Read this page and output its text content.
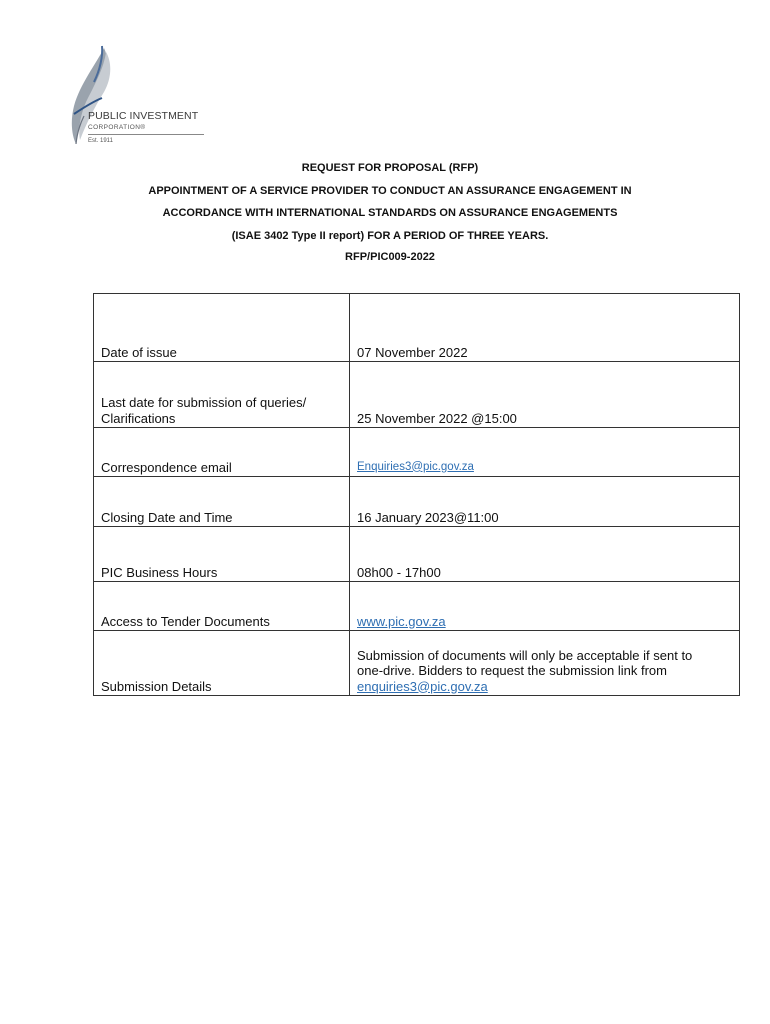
PUBLIC INVESTMENT
CORPORATION®
Est. 1911
REQUEST FOR PROPOSAL (RFP)
APPOINTMENT OF A SERVICE PROVIDER TO CONDUCT AN ASSURANCE ENGAGEMENT IN
ACCORDANCE WITH INTERNATIONAL STANDARDS ON ASSURANCE ENGAGEMENTS
(ISAE 3402 Type II report) FOR A PERIOD OF THREE YEARS.
RFP/PIC009-2022
Date of issue	07 November 2022

Last date for submission of queries/
Clarifications	25 November 2022 @15:00
Correspondence email	Enquiries3@pic.gov.za
Closing Date and Time	16 January 2023@11:00
PIC Business Hours	08h00 - 17h00
Access to Tender Documents	www.pic.gov.za
Submission Details	Submission of documents will only be acceptable if sent to
one-drive. Bidders to request the submission link from
enquiries3@pic.gov.za
